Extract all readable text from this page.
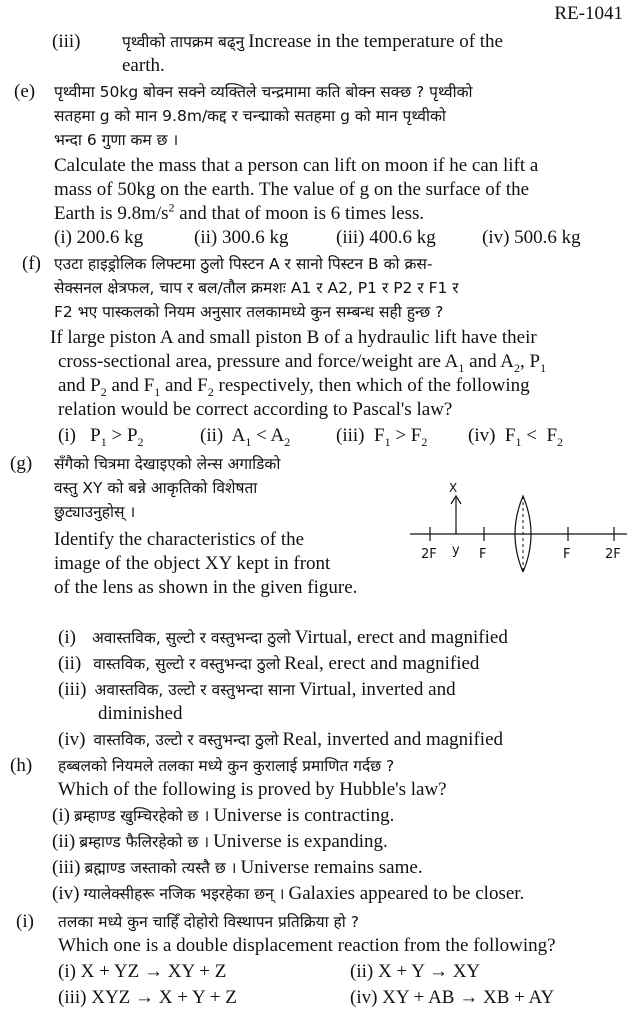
RE-1041
(iii)	पृथ्वीको तापक्रम बढ्नु Increase in the temperature of the
earth.
(e) पृथ्वीमा 50kg बोक्न सक्ने व्यक्तिले चन्द्रमामा कति बोक्न सक्छ ? पृथ्वीको
सतहमा g को मान 9.8m/कद्द र चन्द्माको सतहमा g को मान पृथ्वीको
भन्दा 6 गुणा कम छ ।
Calculate the mass that a person can lift on moon if he can lift a
mass of 50kg on the earth. The value of g on the surface of the
Earth is $9.8m/s^2$ and that of moon is 6 times less.
(i) 200.6 kg	(ii) 300.6 kg	(iii) 400.6 kg (iv) 500.6 kg
(f) एउटा हाइड्रोलिक लिफ्टमा ठुलो पिस्टन A र सानो पिस्टन B को क्रस-
सेक्सनल क्षेत्रफल, चाप र बल/तौल क्रमशः A1 र A2, P1 र P2 र F1 र
F2 भए पास्कलको नियम अनुसार तलकामध्ये कुन सम्बन्ध सही हुन्छ ?
If large piston A and small piston B of a hydraulic lift have their
cross-sectional area, pressure and force/weight are $A_1$ and $A_2$, $P_1$
and $P_2$ and $F_1$ and $F_2$ respectively, then which of the following
relation would be correct according to Pascal's law?
(i)   $P_1 > P_2$	(ii)  $A_1 < A_2$ (iii)  $F_1 > F_2$ (iv)  $F_1 < F_2$
(g) सँगैको चित्रमा देखाइएको लेन्स अगाडिको
वस्तु XY को बन्ने आकृतिको विशेषता
छुट्याउनुहोस् ।
Identify the characteristics of the
image of the object XY kept in front
of the lens as shown in the given figure.
X
2F y F	F	2F
(i) अवास्तविक, सुल्टो र वस्तुभन्दा ठुलो Virtual, erect and magnified
(ii) वास्तविक, सुल्टो र वस्तुभन्दा ठुलो Real, erect and magnified
(iii) अवास्तविक, उल्टो र वस्तुभन्दा साना Virtual, inverted and
diminished
(iv) वास्तविक, उल्टो र वस्तुभन्दा ठुलो Real, inverted and magnified
(h) हब्बलको नियमले तलका मध्ये कुन कुरालाई प्रमाणित गर्दछ ?
Which of the following is proved by Hubble's law?
(i) ब्रम्हाण्ड खुम्चिरहेको छ । Universe is contracting.
(ii) ब्रम्हाण्ड फैलिरहेको छ । Universe is expanding.
(iii) ब्रह्माण्ड जस्ताको त्यस्तै छ । Universe remains same.
(iv) ग्यालेक्सीहरू नजिक भइरहेका छन् । Galaxies appeared to be closer.
(i) तलका मध्ये कुन चाहिँ दोहोरो विस्थापन प्रतिक्रिया हो ?
Which one is a double displacement reaction from the following?
(i) X + YZ → XY + Z	(ii) X + Y → XY
(iii) XYZ → X + Y + Z	(iv) XY + AB → XB + AY
